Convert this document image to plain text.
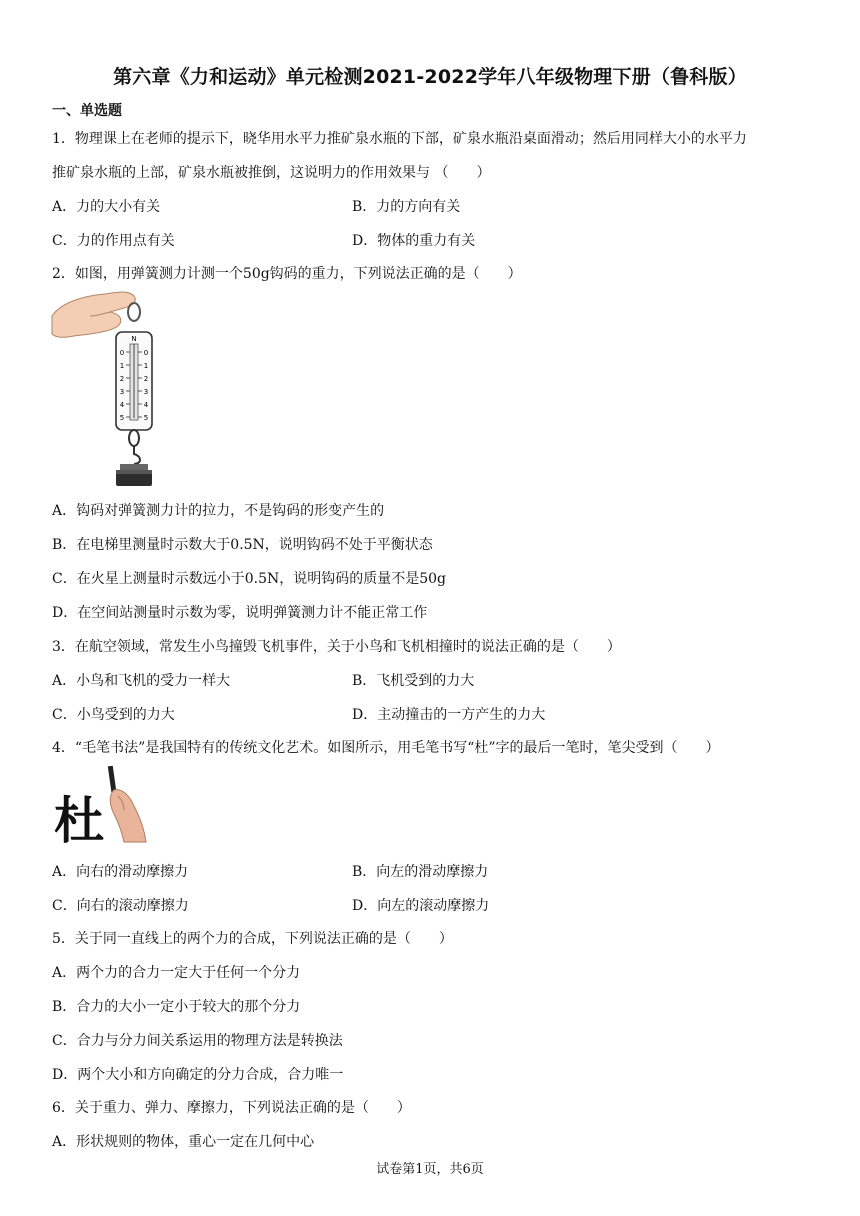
第六章《力和运动》单元检测2021-2022学年八年级物理下册（鲁科版）
一、单选题
1．物理课上在老师的提示下，晓华用水平力推矿泉水瓶的下部，矿泉水瓶沿桌面滑动；然后用同样大小的水平力
推矿泉水瓶的上部，矿泉水瓶被推倒，这说明力的作用效果与 （　　）
A．力的大小有关	B．力的方向有关
C．力的作用点有关	D．物体的重力有关
2．如图，用弹簧测力计测一个50g钩码的重力，下列说法正确的是（　　）
N
0	0
1	1
2	2
3	3
4	4
5	5
A．钩码对弹簧测力计的拉力，不是钩码的形变产生的
B．在电梯里测量时示数大于0.5N，说明钩码不处于平衡状态
C．在火星上测量时示数远小于0.5N，说明钩码的质量不是50g
D．在空间站测量时示数为零，说明弹簧测力计不能正常工作
3．在航空领域，常发生小鸟撞毁飞机事件，关于小鸟和飞机相撞时的说法正确的是（　　）
A．小鸟和飞机的受力一样大	B．飞机受到的力大
C．小鸟受到的力大	D．主动撞击的一方产生的力大
4．“毛笔书法”是我国特有的传统文化艺术。如图所示，用毛笔书写“杜”字的最后一笔时，笔尖受到（　　）
杜
A．向右的滑动摩擦力	B．向左的滑动摩擦力
C．向右的滚动摩擦力	D．向左的滚动摩擦力
5．关于同一直线上的两个力的合成，下列说法正确的是（　　）
A．两个力的合力一定大于任何一个分力
B．合力的大小一定小于较大的那个分力
C．合力与分力间关系运用的物理方法是转换法
D．两个大小和方向确定的分力合成，合力唯一
6．关于重力、弹力、摩擦力，下列说法正确的是（　　）
A．形状规则的物体，重心一定在几何中心
试卷第1页，共6页
